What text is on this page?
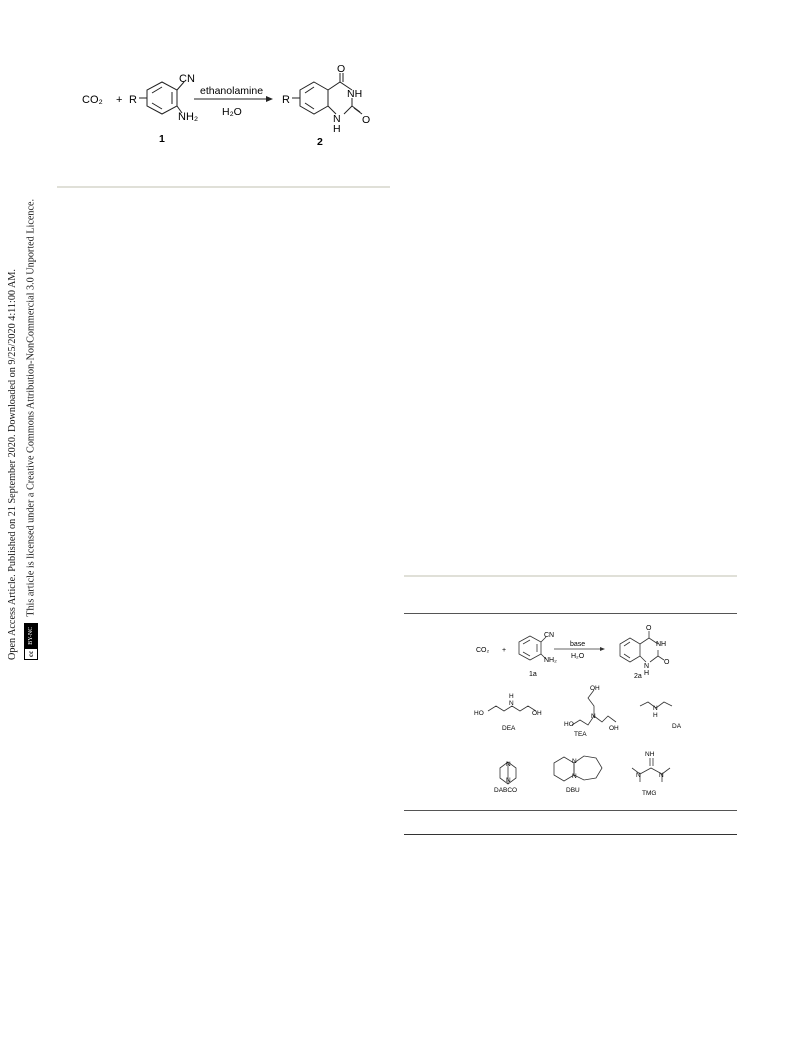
Open Access Article. Published on 21 September 2020. Downloaded on 9/25/2020 4:11:00 AM. cc
BY-NC
This article is licensed under a Creative Commons Attribution-NonCommercial 3.0 Unported Licence.
CO₂ + R
CN
NH₂
ethanolamine
H₂O
R
O
NH
N
H
O
1	2
CO₂ +
CN
NH₂
base
H₂O
O
NH
N
H
O
1a	2a
HO
H
N
OH
DEA
OH
N
HO
OH
TEA
N
H
DA
N
N
DABCO
N
N
DBU
NH
N	N
TMG
